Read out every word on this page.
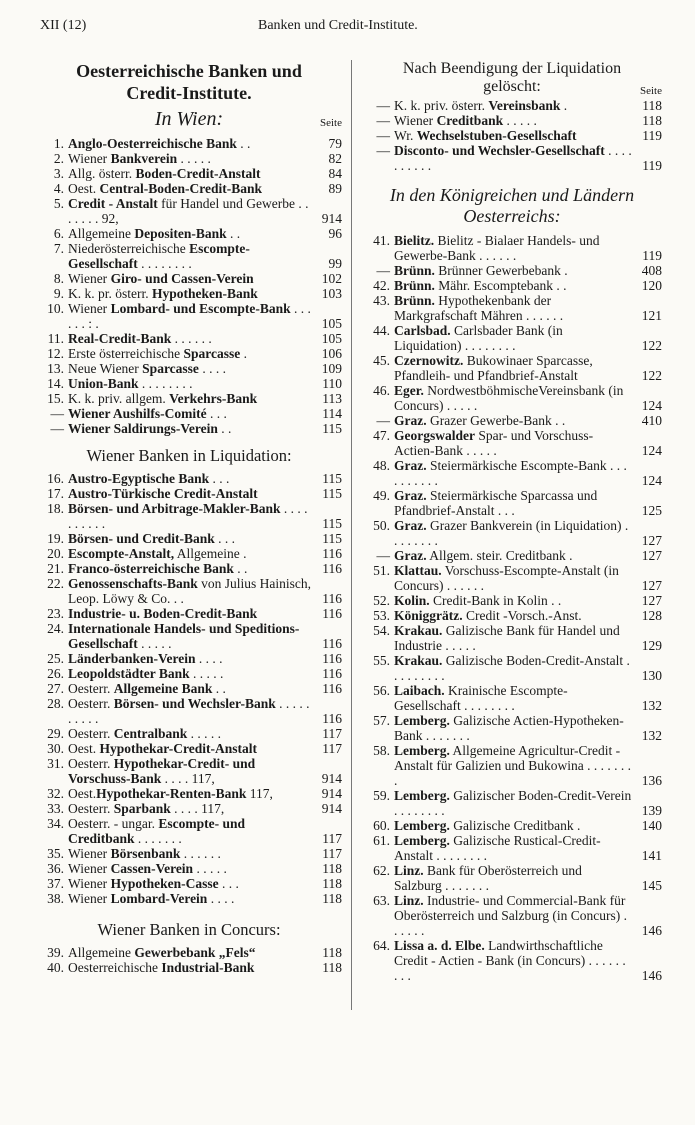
XII (12)	Banken und Credit-Institute.
Oesterreichische Banken und
Credit-Institute.
In Wien:	Seite
1. Anglo-Oesterreichische Bank . .	79
2. Wiener Bankverein . . . . .	82
3. Allg. österr. Boden-Credit-Anstalt	84
4. Oest. Central-Boden-Credit-Bank	89
5. Credit - Anstalt für Handel und Gewerbe . . . . . . . 92,	914
6. Allgemeine Depositen-Bank . .	96
7. Niederösterreichische Escompte-Gesellschaft . . . . . . . .	99
8. Wiener Giro- und Cassen-Verein	102
9. K. k. pr. österr. Hypotheken-Bank	103
10. Wiener Lombard- und Escompte-Bank . . . . . . : .	105
11. Real-Credit-Bank . . . . . .	105
12. Erste österreichische Sparcasse .	106
13. Neue Wiener Sparcasse . . . .	109
14. Union-Bank . . . . . . . .	110
15. K. k. priv. allgem. Verkehrs-Bank	113
— Wiener Aushilfs-Comité . . .	114
— Wiener Saldirungs-Verein . .	115
Wiener Banken in Liquidation:
16. Austro-Egyptische Bank . . .	115
17. Austro-Türkische Credit-Anstalt	115
18. Börsen- und Arbitrage-Makler-Bank . . . . . . . . . .	115
19. Börsen- und Credit-Bank . . .	115
20. Escompte-Anstalt, Allgemeine .	116
21. Franco-österreichische Bank . .	116
22. Genossenschafts-Bank von Julius Hainisch, Leop. Löwy & Co. . .	116
23. Industrie- u. Boden-Credit-Bank	116
24. Internationale Handels- und Speditions-Gesellschaft . . . . .	116
25. Länderbanken-Verein . . . .	116
26. Leopoldstädter Bank . . . . .	116
27. Oesterr. Allgemeine Bank . .	116
28. Oesterr. Börsen- und Wechsler-Bank . . . . . . . . . .	116
29. Oesterr. Centralbank . . . . .	117
30. Oest. Hypothekar-Credit-Anstalt	117
31. Oesterr. Hypothekar-Credit- und Vorschuss-Bank . . . . 117,	914
32. Oest.Hypothekar-Renten-Bank 117,	914
33. Oesterr. Sparbank . . . . 117,	914
34. Oesterr. - ungar. Escompte- und Creditbank . . . . . . .	117
35. Wiener Börsenbank . . . . . .	117
36. Wiener Cassen-Verein . . . . .	118
37. Wiener Hypotheken-Casse . . .	118
38. Wiener Lombard-Verein . . . .	118
Wiener Banken in Concurs:
39. Allgemeine Gewerbebank „Fels“	118
40. Oesterreichische Industrial-Bank	118
Nach Beendigung der Liquidation
gelöscht:	Seite
— K. k. priv. österr. Vereinsbank .	118
— Wiener Creditbank . . . . .	118
— Wr. Wechselstuben-Gesellschaft	119
— Disconto- und Wechsler-Gesellschaft . . . . . . . . . .	119
In den Königreichen und Ländern Oesterreichs:
41. Bielitz. Bielitz - Bialaer Handels- und Gewerbe-Bank . . . . . .	119
— Brünn. Brünner Gewerbebank .	408
42. Brünn. Mähr. Escomptebank . .	120
43. Brünn. Hypothekenbank der Markgrafschaft Mähren . . . . . .	121
44. Carlsbad. Carlsbader Bank (in Liquidation) . . . . . . . .	122
45. Czernowitz. Bukowinaer Sparcasse, Pfandleih- und Pfandbrief-Anstalt	122
46. Eger. NordwestböhmischeVereinsbank (in Concurs) . . . . .	124
— Graz. Grazer Gewerbe-Bank . .	410
47. Georgswalder Spar- und Vorschuss-Actien-Bank . . . . .	124
48. Graz. Steiermärkische Escompte-Bank . . . . . . . . . .	124
49. Graz. Steiermärkische Sparcassa und Pfandbrief-Anstalt . . .	125
50. Graz. Grazer Bankverein (in Liquidation) . . . . . . . .	127
— Graz. Allgem. steir. Creditbank .	127
51. Klattau. Vorschuss-Escompte-Anstalt (in Concurs) . . . . . .	127
52. Kolin. Credit-Bank in Kolin . .	127
53. Königgrätz. Credit -Vorsch.-Anst.	128
54. Krakau. Galizische Bank für Handel und Industrie . . . . .	129
55. Krakau. Galizische Boden-Credit-Anstalt . . . . . . . . .	130
56. Laibach. Krainische Escompte-Gesellschaft . . . . . . . .	132
57. Lemberg. Galizische Actien-Hypotheken-Bank . . . . . . .	132
58. Lemberg. Allgemeine Agricultur-Credit - Anstalt für Galizien und Bukowina . . . . . . . .	136
59. Lemberg. Galizischer Boden-Credit-Verein . . . . . . . .	139
60. Lemberg. Galizische Creditbank .	140
61. Lemberg. Galizische Rustical-Credit-Anstalt . . . . . . . .	141
62. Linz. Bank für Oberösterreich und Salzburg . . . . . . .	145
63. Linz. Industrie- und Commercial-Bank für Oberösterreich und Salzburg (in Concurs) . . . . . .	146
64. Lissa a. d. Elbe. Landwirthschaftliche Credit - Actien - Bank (in Concurs) . . . . . . . . .	146
